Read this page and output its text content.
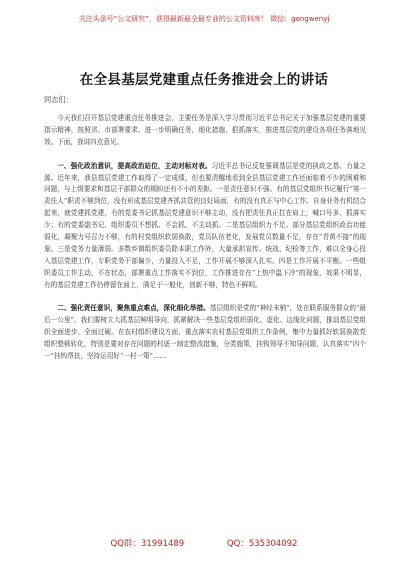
关注头条号“公文研究”，获得最新最全最专业的公文资料库！ 微信：gongwenyj
在全县基层党建重点任务推进会上的讲话
同志们：

今天我们召开基层党建重点任务推进会，主要任务是深入学习贯彻习近平总书记关于加强基层党建的重要指示精神，按照省、市部署要求，进一步明确任务，细化措施，狠抓落实，推进基层党的建设各项任务落地见效。下面，我讲四点意见。

一、强化政治意识，提高政治站位，主动对标对表。习近平总书记反复强调基层是党的执政之基、力量之源。近年来，我县基层党建工作取得了一定成绩，但也要清醒地看到全县基层党建工作还面临着不少的困难和问题，与上级要求和基层干部群众的期盼还有不小的差距。一是责任意识不强。有的基层党组织书记履行“第一责任人”职责不够到位，没有形成基层党建齐抓共管的良好局面，有的没有真正与中心工作、自身业务有机结合起来，就党建抓党建，有的党委书记抓基层党建意识不够主动，没有把责任真正扛在肩上，喊口号多、抓落实少；有的党委副书记、组织委员不想抓、不会抓、不主动抓。二是基层组织力不足。部分基层党组织政治功能弱化，凝聚力号召力不够，有的村党组织软弱涣散，党员队伍老化，发展党员数量不足，存在“青黄不接”的现象。三是党务力量薄弱。多数乡镇组织委员除本职工作外，大量承担宣传、统战、纪检等工作，难以全身心投入基层党建工作，专职党务干部偏少，力量投入不足，工作开展不够深入扎实。四是工作开展不平衡。一些组织委员工作主动，不在状态，部署重点工作落实不到位，工作推进存在“上热中温下冷”的现象，效果不明显，有的基层党建工作仍停留在面上，满足于一般化，创新不够，特色不鲜明。

二、强化责任意识，聚焦重点难点，深化细化举措。基层组织是党的“神经末梢”，处在联系服务群众的“最后一公里”。我们要树立大抓基层鲜明导向，抓紧解决一些基层党组织弱化、虚化、边缘化问题，推动基层党组织全面进步、全面过硬。在农村组织建设方面，重点落实农村基层党组织工作条例，集中力量抓好软弱涣散党组织整顿转化，特别是要对存在问题的村逐一制定整改措施，分类施策，挂钩领导不知导问题，认真落实“四个一”挂钩帮扶，坚持运用好“一村一策”……

QQ群：31991489	QQ：535304092
